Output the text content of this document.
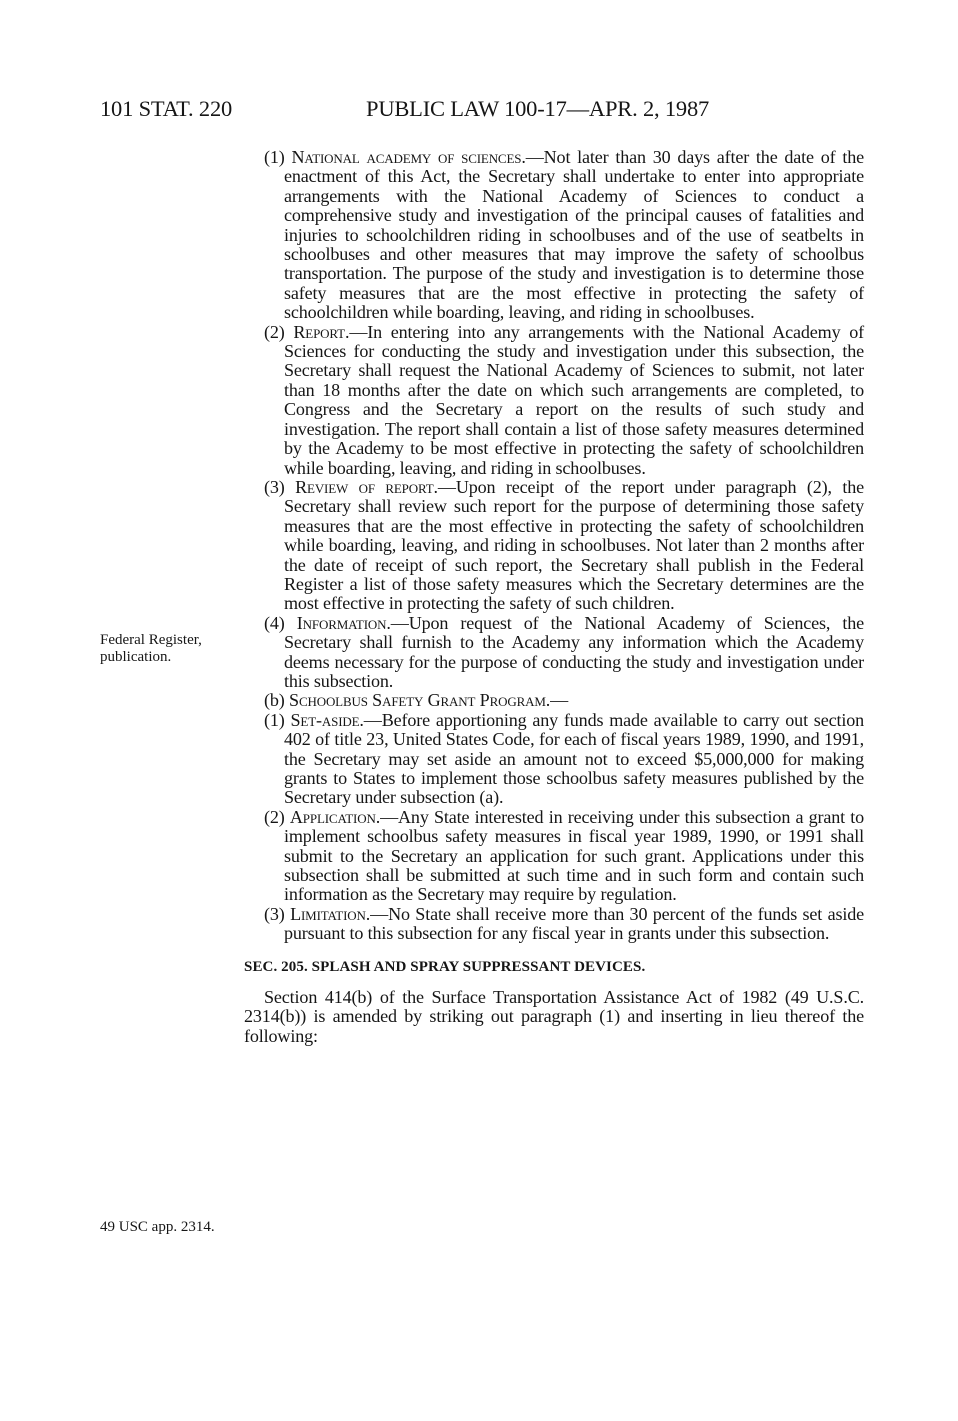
101 STAT. 220	PUBLIC LAW 100-17—APR. 2, 1987
Federal Register, publication.
49 USC app. 2314.

(1) National academy of sciences.—Not later than 30 days after the date of the enactment of this Act, the Secretary shall undertake to enter into appropriate arrangements with the National Academy of Sciences to conduct a comprehensive study and investigation of the principal causes of fatalities and injuries to schoolchildren riding in schoolbuses and of the use of seatbelts in schoolbuses and other measures that may improve the safety of schoolbus transportation. The purpose of the study and investigation is to determine those safety measures that are the most effective in protecting the safety of schoolchildren while boarding, leaving, and riding in schoolbuses.

(2) Report.—In entering into any arrangements with the National Academy of Sciences for conducting the study and investigation under this subsection, the Secretary shall request the National Academy of Sciences to submit, not later than 18 months after the date on which such arrangements are completed, to Congress and the Secretary a report on the results of such study and investigation. The report shall contain a list of those safety measures determined by the Academy to be most effective in protecting the safety of schoolchildren while boarding, leaving, and riding in schoolbuses.

(3) Review of report.—Upon receipt of the report under paragraph (2), the Secretary shall review such report for the purpose of determining those safety measures that are the most effective in protecting the safety of schoolchildren while boarding, leaving, and riding in schoolbuses. Not later than 2 months after the date of receipt of such report, the Secretary shall publish in the Federal Register a list of those safety measures which the Secretary determines are the most effective in protecting the safety of such children.

(4) Information.—Upon request of the National Academy of Sciences, the Secretary shall furnish to the Academy any information which the Academy deems necessary for the purpose of conducting the study and investigation under this subsection.

(b) Schoolbus Safety Grant Program.—

(1) Set-aside.—Before apportioning any funds made available to carry out section 402 of title 23, United States Code, for each of fiscal years 1989, 1990, and 1991, the Secretary may set aside an amount not to exceed $5,000,000 for making grants to States to implement those schoolbus safety measures published by the Secretary under subsection (a).

(2) Application.—Any State interested in receiving under this subsection a grant to implement schoolbus safety measures in fiscal year 1989, 1990, or 1991 shall submit to the Secretary an application for such grant. Applications under this subsection shall be submitted at such time and in such form and contain such information as the Secretary may require by regulation.

(3) Limitation.—No State shall receive more than 30 percent of the funds set aside pursuant to this subsection for any fiscal year in grants under this subsection.

SEC. 205. SPLASH AND SPRAY SUPPRESSANT DEVICES.

Section 414(b) of the Surface Transportation Assistance Act of 1982 (49 U.S.C. 2314(b)) is amended by striking out paragraph (1) and inserting in lieu thereof the following:
